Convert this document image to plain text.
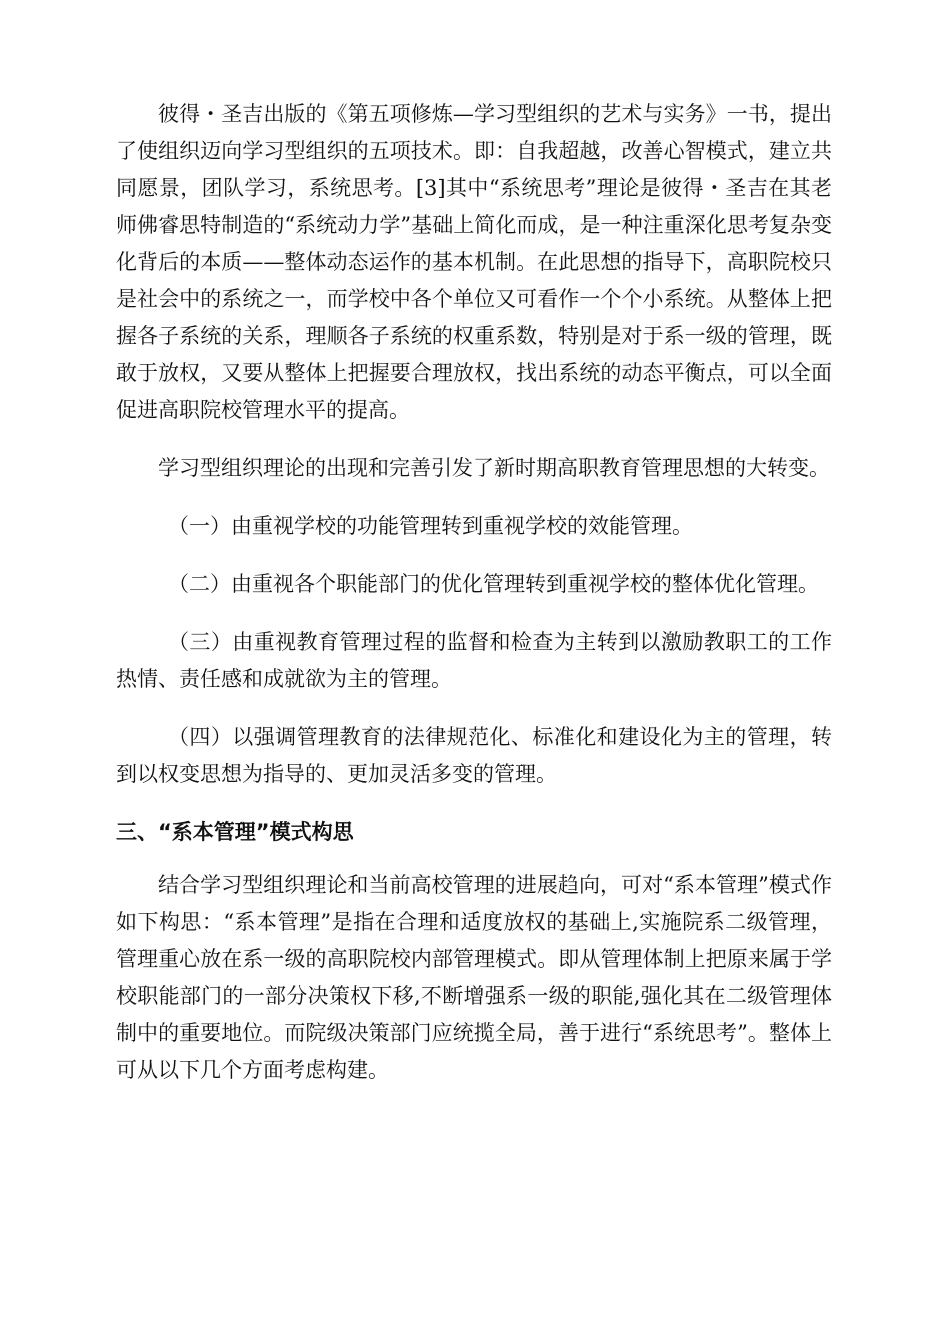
彼得・圣吉出版的《第五项修炼—学习型组织的艺术与实务》一书，提出了使组织迈向学习型组织的五项技术。即：自我超越，改善心智模式，建立共同愿景，团队学习，系统思考。[3]其中“系统思考”理论是彼得・圣吉在其老师佛睿思特制造的“系统动力学”基础上简化而成，是一种注重深化思考复杂变化背后的本质——整体动态运作的基本机制。在此思想的指导下，高职院校只是社会中的系统之一，而学校中各个单位又可看作一个个小系统。从整体上把握各子系统的关系，理顺各子系统的权重系数，特别是对于系一级的管理，既敢于放权，又要从整体上把握要合理放权，找出系统的动态平衡点，可以全面促进高职院校管理水平的提高。

学习型组织理论的出现和完善引发了新时期高职教育管理思想的大转变。

（一）由重视学校的功能管理转到重视学校的效能管理。

（二）由重视各个职能部门的优化管理转到重视学校的整体优化管理。

（三）由重视教育管理过程的监督和检查为主转到以激励教职工的工作热情、责任感和成就欲为主的管理。

（四）以强调管理教育的法律规范化、标准化和建设化为主的管理，转到以权变思想为指导的、更加灵活多变的管理。

三、“系本管理”模式构思

结合学习型组织理论和当前高校管理的进展趋向，可对“系本管理”模式作如下构思：“系本管理”是指在合理和适度放权的基础上,实施院系二级管理，管理重心放在系一级的高职院校内部管理模式。即从管理体制上把原来属于学校职能部门的一部分决策权下移,不断增强系一级的职能,强化其在二级管理体制中的重要地位。而院级决策部门应统揽全局，善于进行“系统思考”。整体上可从以下几个方面考虑构建。
